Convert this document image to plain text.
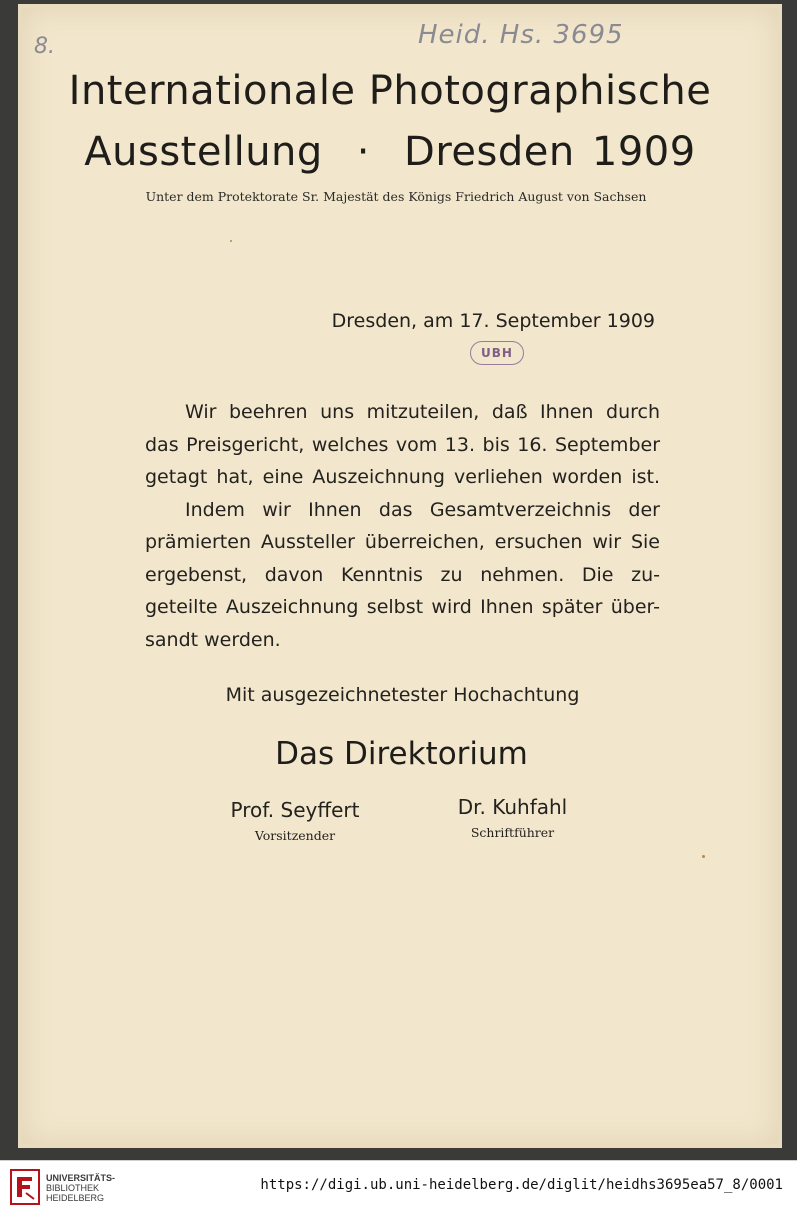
8.	Heid. Hs. 3695
Internationale Photographische
Ausstellung · Dresden 1909
Unter dem Protektorate Sr. Majestät des Königs Friedrich August von Sachsen
Dresden, am 17. September 1909
UBH
Wir beehren uns mitzuteilen, daß Ihnen durch
das Preisgericht, welches vom 13. bis 16. September
getagt hat, eine Auszeichnung verliehen worden ist.
Indem wir Ihnen das Gesamtverzeichnis der
prämierten Aussteller überreichen, ersuchen wir Sie
ergebenst, davon Kenntnis zu nehmen. Die zu-
geteilte Auszeichnung selbst wird Ihnen später über-
sandt werden.
Mit ausgezeichnetester Hochachtung
Das Direktorium
Prof. Seyffert
Vorsitzender
Dr. Kuhfahl
Schriftführer
UNIVERSITÄTS-
BIBLIOTHEK
HEIDELBERG
https://digi.ub.uni-heidelberg.de/diglit/heidhs3695ea57_8/0001
